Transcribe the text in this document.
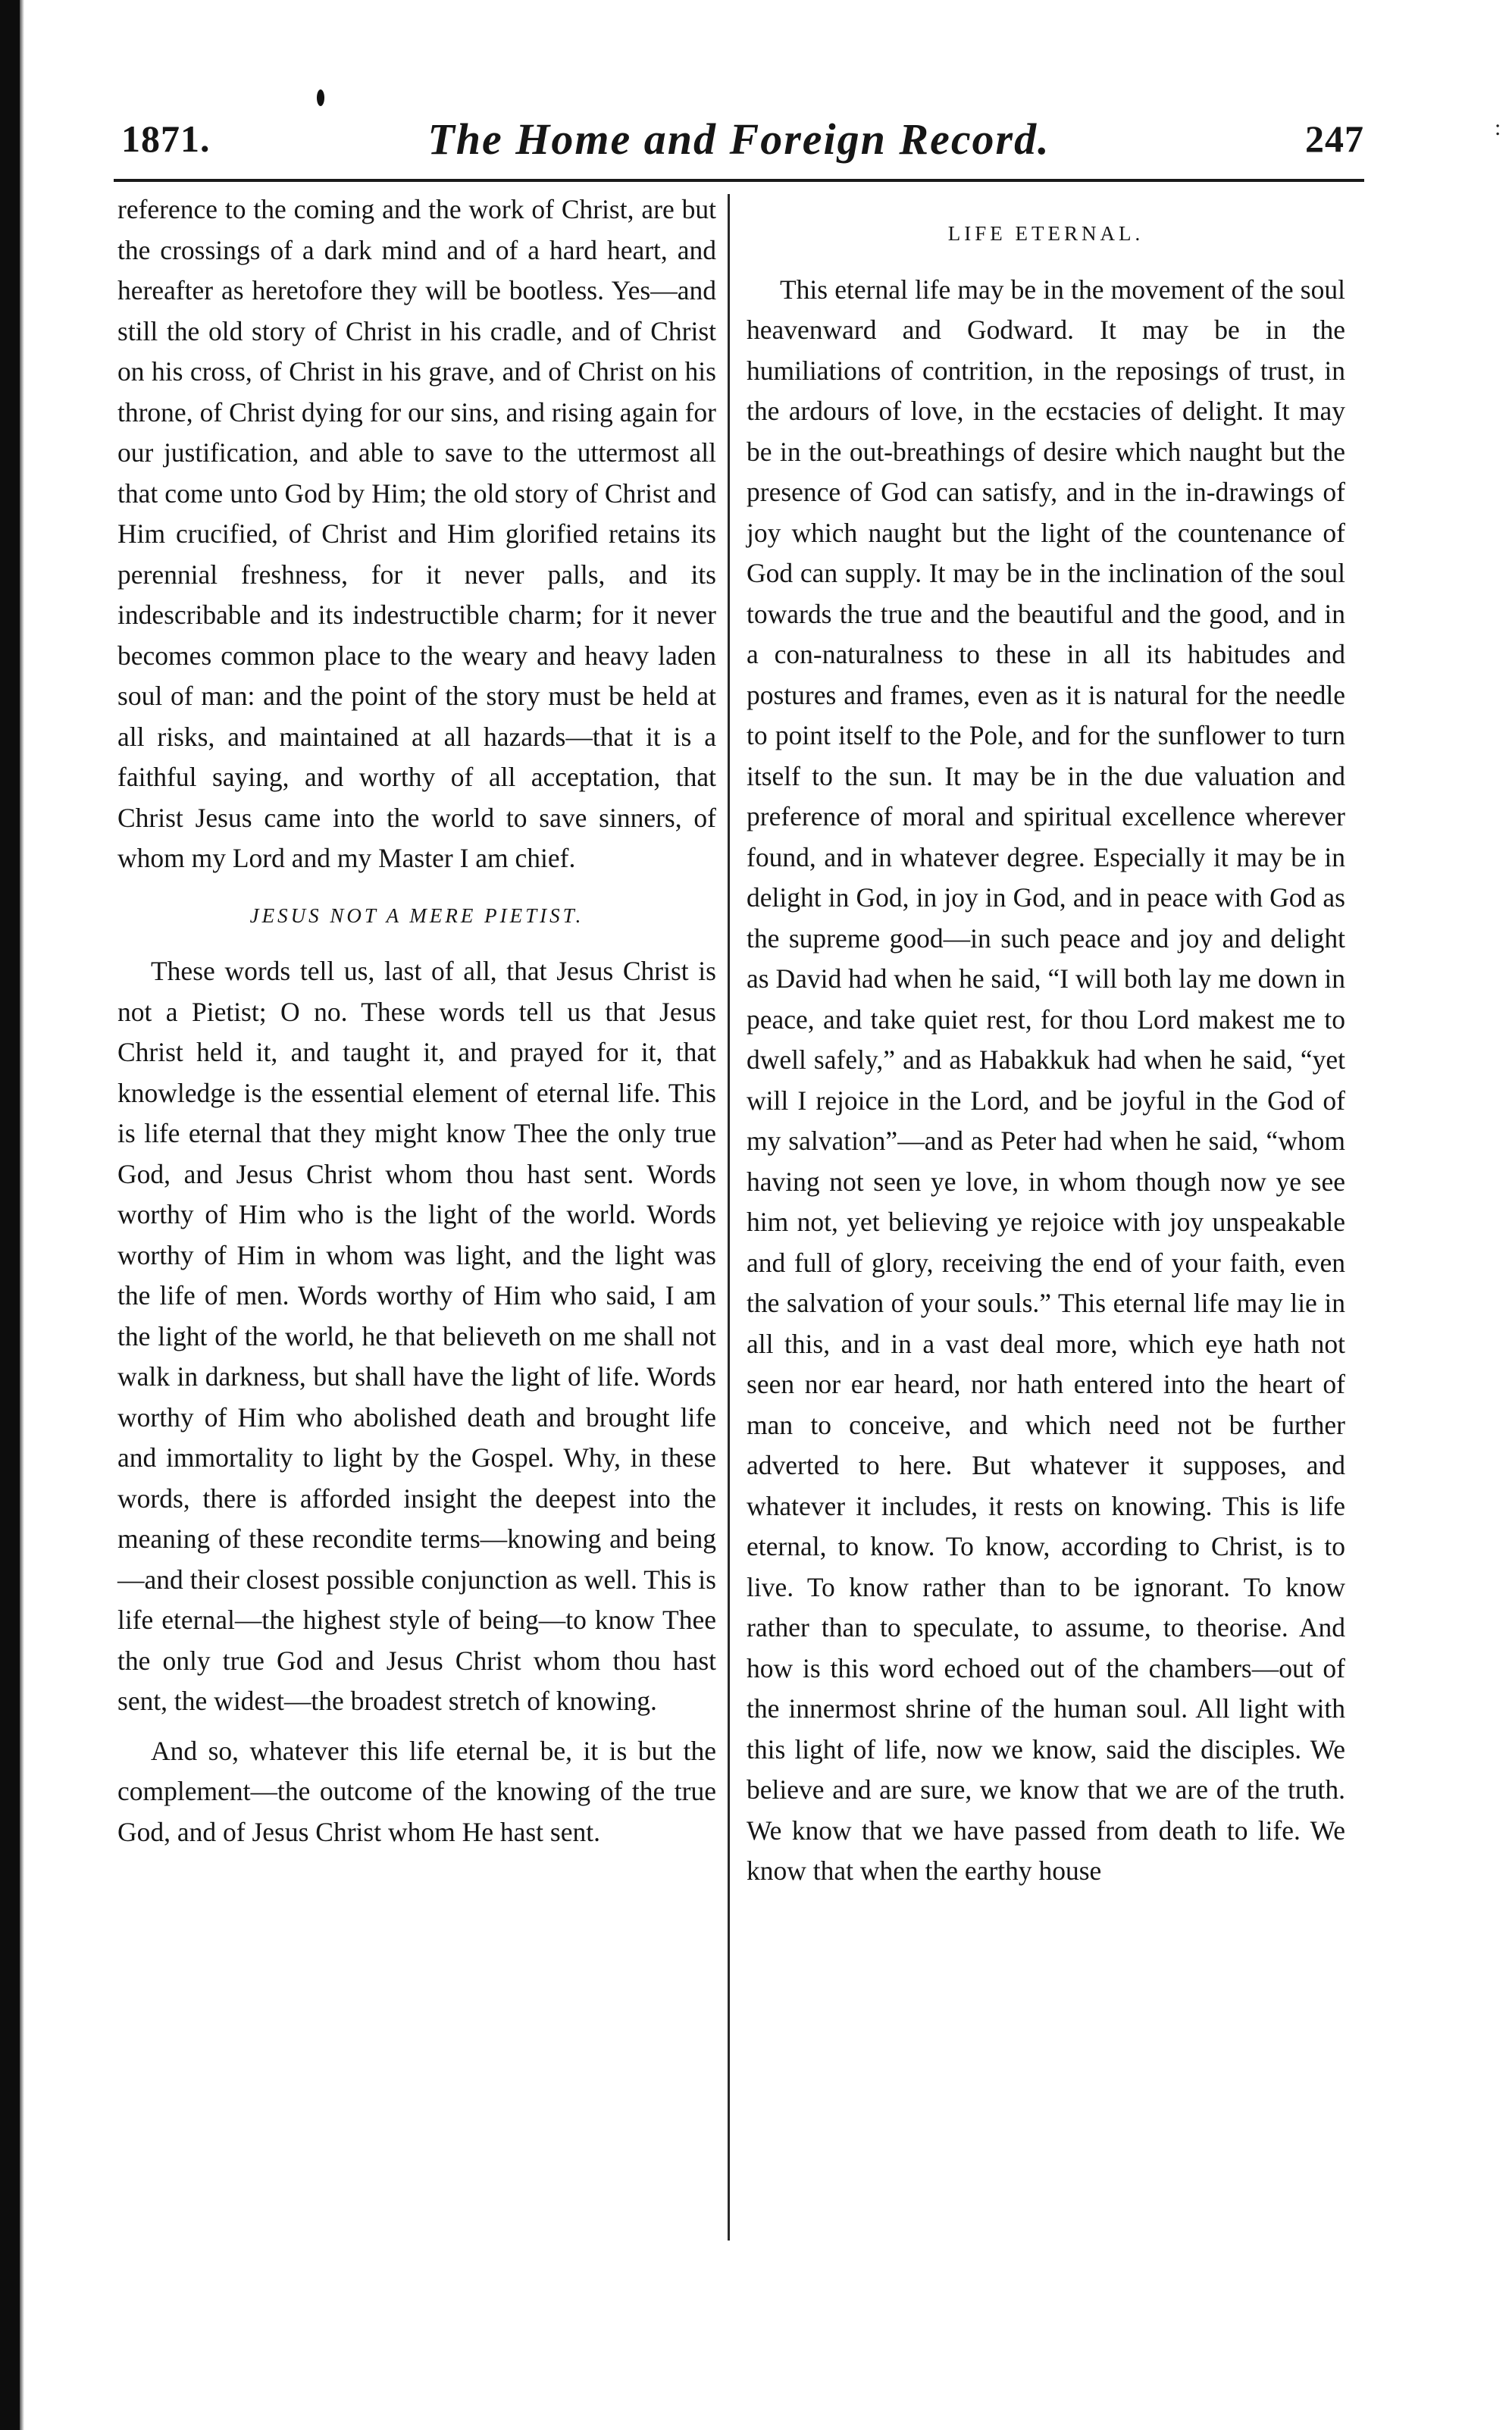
:
1871.	The Home and Foreign Record.	247

reference to the coming and the work of Christ, are but the crossings of a dark mind and of a hard heart, and hereafter as heretofore they will be bootless. Yes—and still the old story of Christ in his cradle, and of Christ on his cross, of Christ in his grave, and of Christ on his throne, of Christ dying for our sins, and rising again for our justification, and able to save to the uttermost all that come unto God by Him; the old story of Christ and Him crucified, of Christ and Him glorified retains its perennial freshness, for it never palls, and its indescribable and its indestructible charm; for it never becomes common place to the weary and heavy laden soul of man: and the point of the story must be held at all risks, and maintained at all hazards—that it is a faithful saying, and worthy of all acceptation, that Christ Jesus came into the world to save sinners, of whom my Lord and my Master I am chief.

JESUS NOT A MERE PIETIST.

These words tell us, last of all, that Jesus Christ is not a Pietist; O no. These words tell us that Jesus Christ held it, and taught it, and prayed for it, that knowledge is the essential element of eternal life. This is life eternal that they might know Thee the only true God, and Jesus Christ whom thou hast sent. Words worthy of Him who is the light of the world. Words worthy of Him in whom was light, and the light was the life of men. Words worthy of Him who said, I am the light of the world, he that believeth on me shall not walk in darkness, but shall have the light of life. Words worthy of Him who abolished death and brought life and immortality to light by the Gospel. Why, in these words, there is afforded insight the deepest into the meaning of these recondite terms—knowing and being—and their closest possible conjunction as well. This is life eternal—the highest style of being—to know Thee the only true God and Jesus Christ whom thou hast sent, the widest—the broadest stretch of knowing.

And so, whatever this life eternal be, it is but the complement—the outcome of the knowing of the true God, and of Jesus Christ whom He hast sent.

LIFE ETERNAL.

This eternal life may be in the movement of the soul heavenward and Godward. It may be in the humiliations of contrition, in the reposings of trust, in the ardours of love, in the ecstacies of delight. It may be in the out-breathings of desire which naught but the presence of God can satisfy, and in the in-drawings of joy which naught but the light of the countenance of God can supply. It may be in the inclination of the soul towards the true and the beautiful and the good, and in a con-naturalness to these in all its habitudes and postures and frames, even as it is natural for the needle to point itself to the Pole, and for the sunflower to turn itself to the sun. It may be in the due valuation and preference of moral and spiritual excellence wherever found, and in whatever degree. Especially it may be in delight in God, in joy in God, and in peace with God as the supreme good—in such peace and joy and delight as David had when he said, “I will both lay me down in peace, and take quiet rest, for thou Lord makest me to dwell safely,” and as Habakkuk had when he said, “yet will I rejoice in the Lord, and be joyful in the God of my salvation”—and as Peter had when he said, “whom having not seen ye love, in whom though now ye see him not, yet believing ye rejoice with joy unspeakable and full of glory, receiving the end of your faith, even the salvation of your souls.” This eternal life may lie in all this, and in a vast deal more, which eye hath not seen nor ear heard, nor hath entered into the heart of man to conceive, and which need not be further adverted to here. But whatever it supposes, and whatever it includes, it rests on knowing. This is life eternal, to know. To know, according to Christ, is to live. To know rather than to be ignorant. To know rather than to speculate, to assume, to theorise. And how is this word echoed out of the chambers—out of the innermost shrine of the human soul. All light with this light of life, now we know, said the disciples. We believe and are sure, we know that we are of the truth. We know that we have passed from death to life. We know that when the earthy house
